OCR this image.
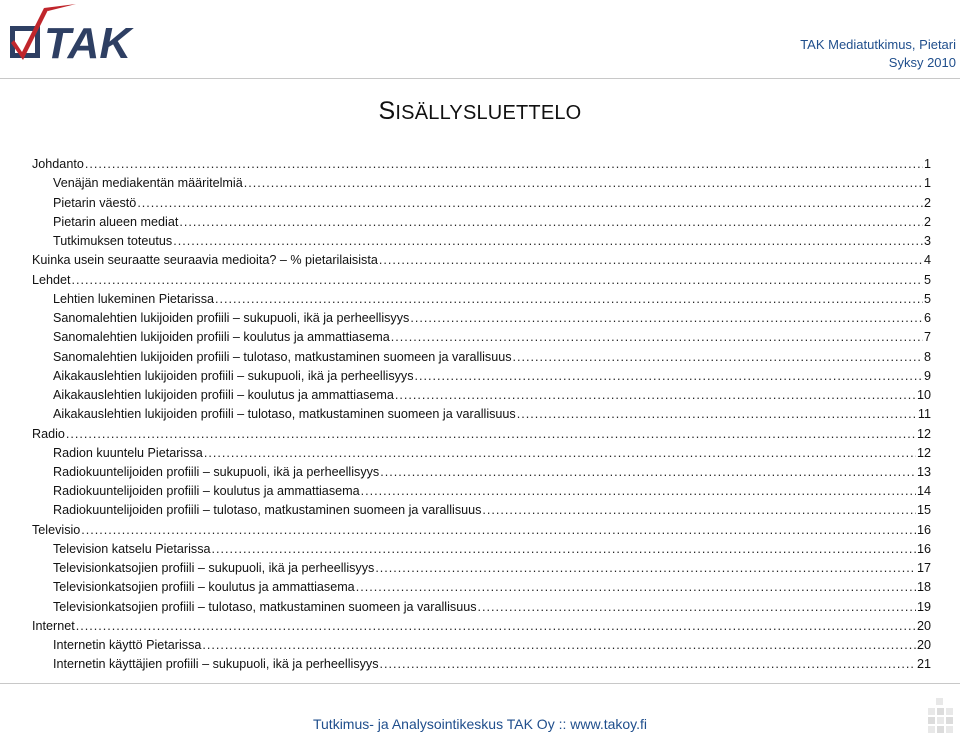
TAK	TAK Mediatutkimus, Pietari
Syksy 2010
SISÄLLYSLUETTELO
Johdanto .....	1
Venäjän mediakentän määritelmiä .....	1
Pietarin väestö .....	2
Pietarin alueen mediat .....	2
Tutkimuksen toteutus .....	3
Kuinka usein seuraatte seuraavia medioita? – % pietarilaisista .....	4
Lehdet .....	5
Lehtien lukeminen Pietarissa .....	5
Sanomalehtien lukijoiden profiili – sukupuoli, ikä ja perheellisyys .....	6
Sanomalehtien lukijoiden profiili – koulutus ja ammattiasema .....	7
Sanomalehtien lukijoiden profiili – tulotaso, matkustaminen suomeen ja varallisuus .....	8
Aikakauslehtien lukijoiden profiili – sukupuoli, ikä ja perheellisyys .....	9
Aikakauslehtien lukijoiden profiili – koulutus ja ammattiasema .....	10
Aikakauslehtien lukijoiden profiili – tulotaso, matkustaminen suomeen ja varallisuus .....	11
Radio .....	12
Radion kuuntelu Pietarissa .....	12
Radiokuuntelijoiden profiili – sukupuoli, ikä ja perheellisyys .....	13
Radiokuuntelijoiden profiili – koulutus ja ammattiasema .....	14
Radiokuuntelijoiden profiili – tulotaso, matkustaminen suomeen ja varallisuus .....	15
Televisio .....	16
Television katselu Pietarissa .....	16
Televisionkatsojien profiili – sukupuoli, ikä ja perheellisyys .....	17
Televisionkatsojien profiili – koulutus ja ammattiasema .....	18
Televisionkatsojien profiili – tulotaso, matkustaminen suomeen ja varallisuus .....	19
Internet .....	20
Internetin käyttö Pietarissa .....	20
Internetin käyttäjien profiili – sukupuoli, ikä ja perheellisyys .....	21
Tutkimus- ja Analysointikeskus TAK Oy :: www.takoy.fi
